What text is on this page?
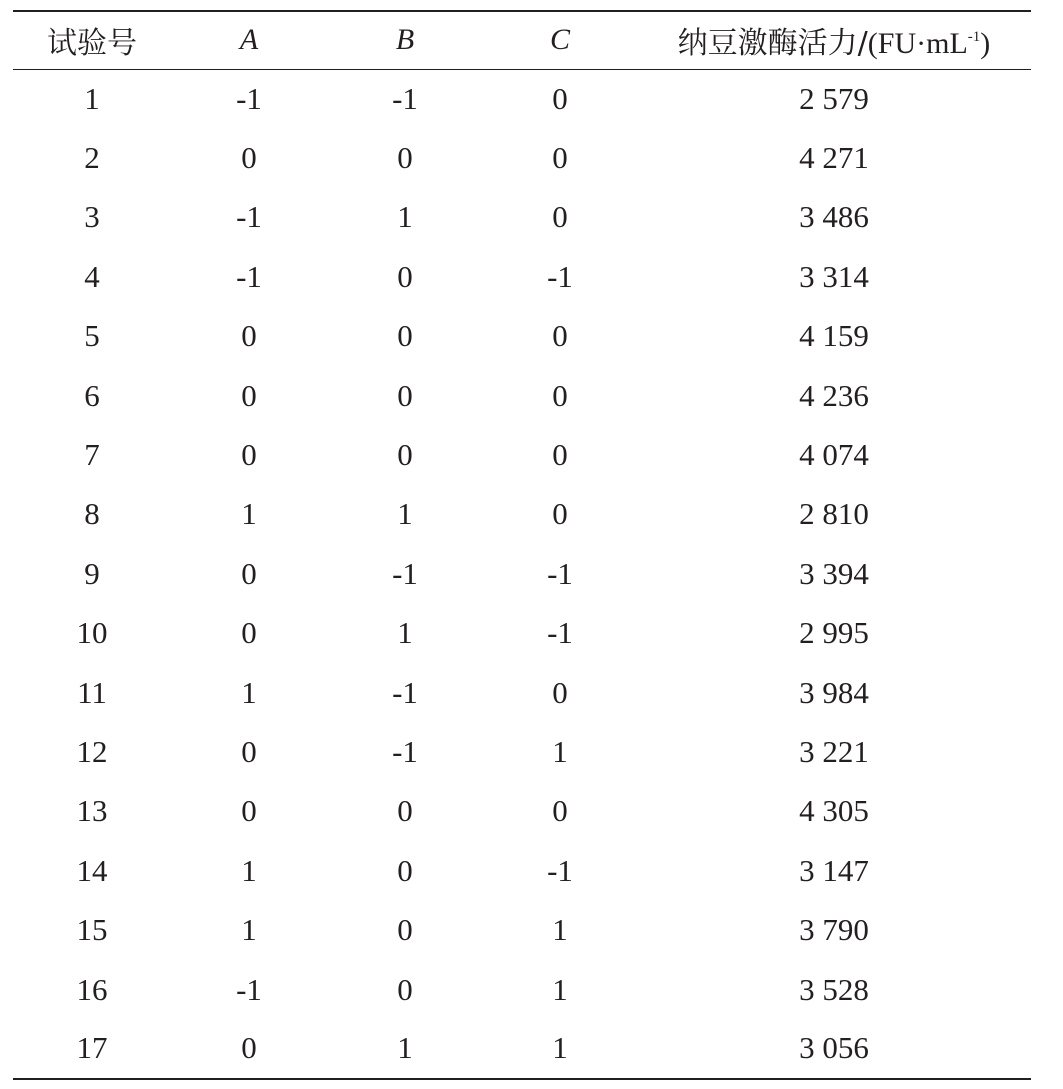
试验号	A	B	C	纳豆激酶活力$/(FU\cdot mL^{-1})$
1	-1	-1	0	2 579
2	0	0	0	4 271
3	-1	1	0	3 486
4	-1	0	-1	3 314
5	0	0	0	4 159
6	0	0	0	4 236
7	0	0	0	4 074
8	1	1	0	2 810
9	0	-1	-1	3 394
10	0	1	-1	2 995
11	1	-1	0	3 984
12	0	-1	1	3 221
13	0	0	0	4 305
14	1	0	-1	3 147
15	1	0	1	3 790
16	-1	0	1	3 528
17	0	1	1	3 056
